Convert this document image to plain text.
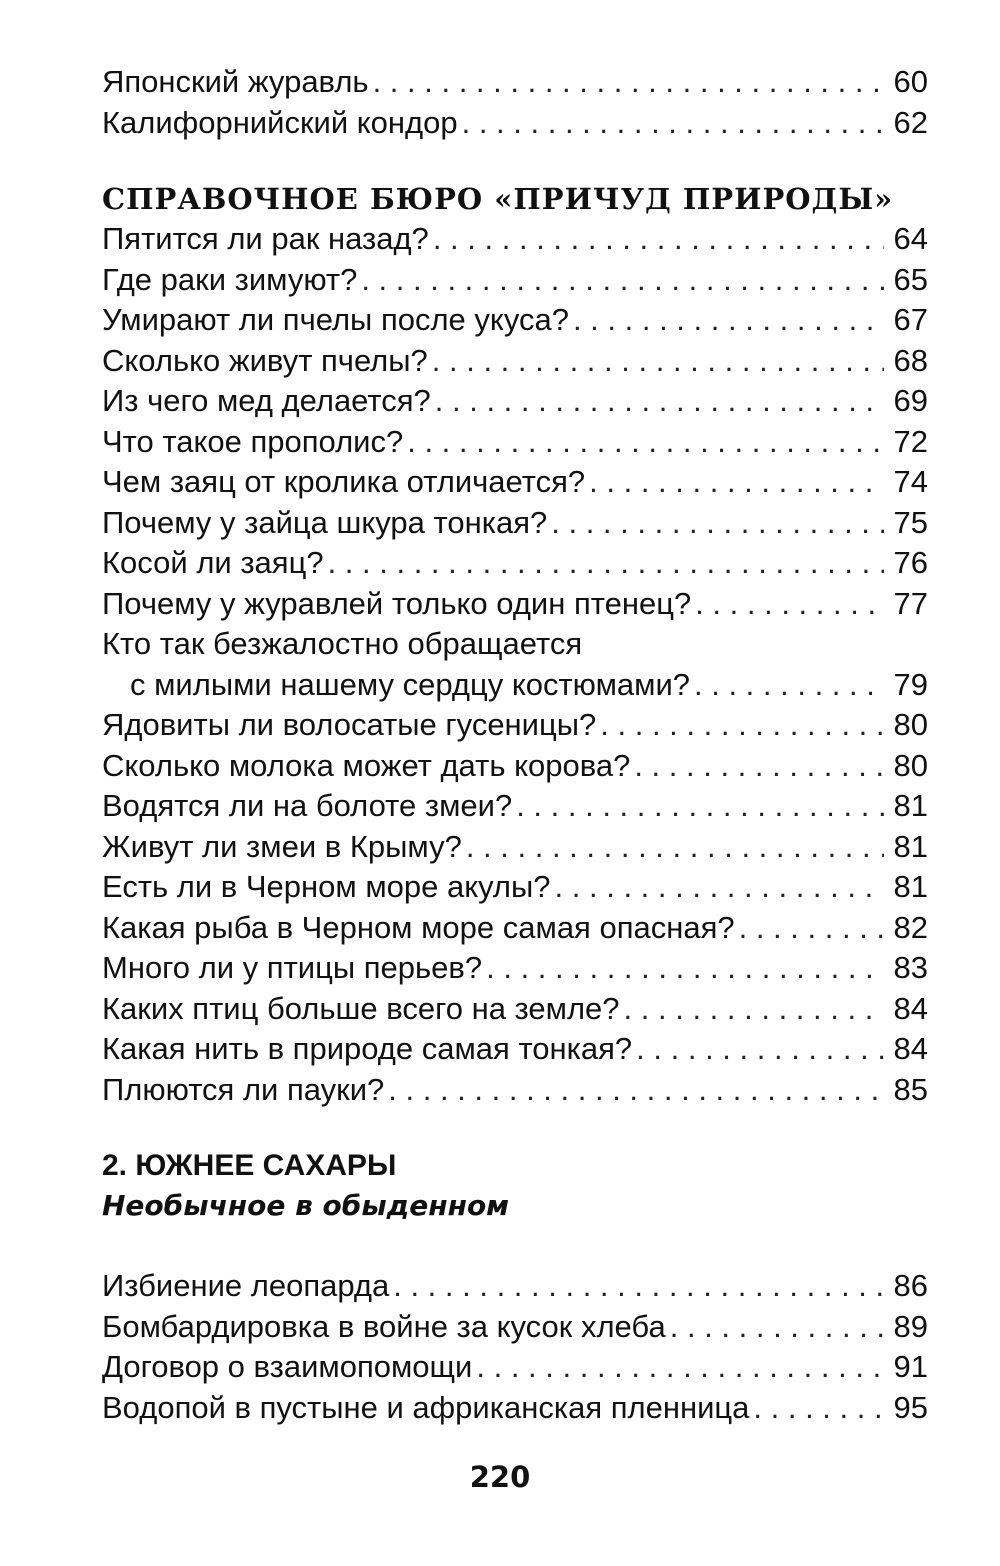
Японский журавль . . .	60
Калифорнийский кондор . . .	62
СПРАВОЧНОЕ БЮРО «ПРИЧУД ПРИРОДЫ»
Пятится ли рак назад? . . .	64
Где раки зимуют? . . .	65
Умирают ли пчелы после укуса? . . .	67
Сколько живут пчелы? . . .	68
Из чего мед делается? . . .	69
Что такое прополис? . . .	72
Чем заяц от кролика отличается? . . .	74
Почему у зайца шкура тонкая? . . .	75
Косой ли заяц? . . .	76
Почему у журавлей только один птенец? . . .	77
Кто так безжалостно обращается
с милыми нашему сердцу костюмами? . . .	79
Ядовиты ли волосатые гусеницы? . . .	80
Сколько молока может дать корова? . . .	80
Водятся ли на болоте змеи? . . .	81
Живут ли змеи в Крыму? . . .	81
Есть ли в Черном море акулы? . . .	81
Какая рыба в Черном море самая опасная? . . .	82
Много ли у птицы перьев? . . .	83
Каких птиц больше всего на земле? . . .	84
Какая нить в природе самая тонкая? . . .	84
Плюются ли пауки? . . .	85
2. ЮЖНЕЕ САХАРЫ
Необычное в обыденном
Избиение леопарда . . .	86
Бомбардировка в войне за кусок хлеба . . .	89
Договор о взаимопомощи . . .	91
Водопой в пустыне и африканская пленница . . .	95
220
